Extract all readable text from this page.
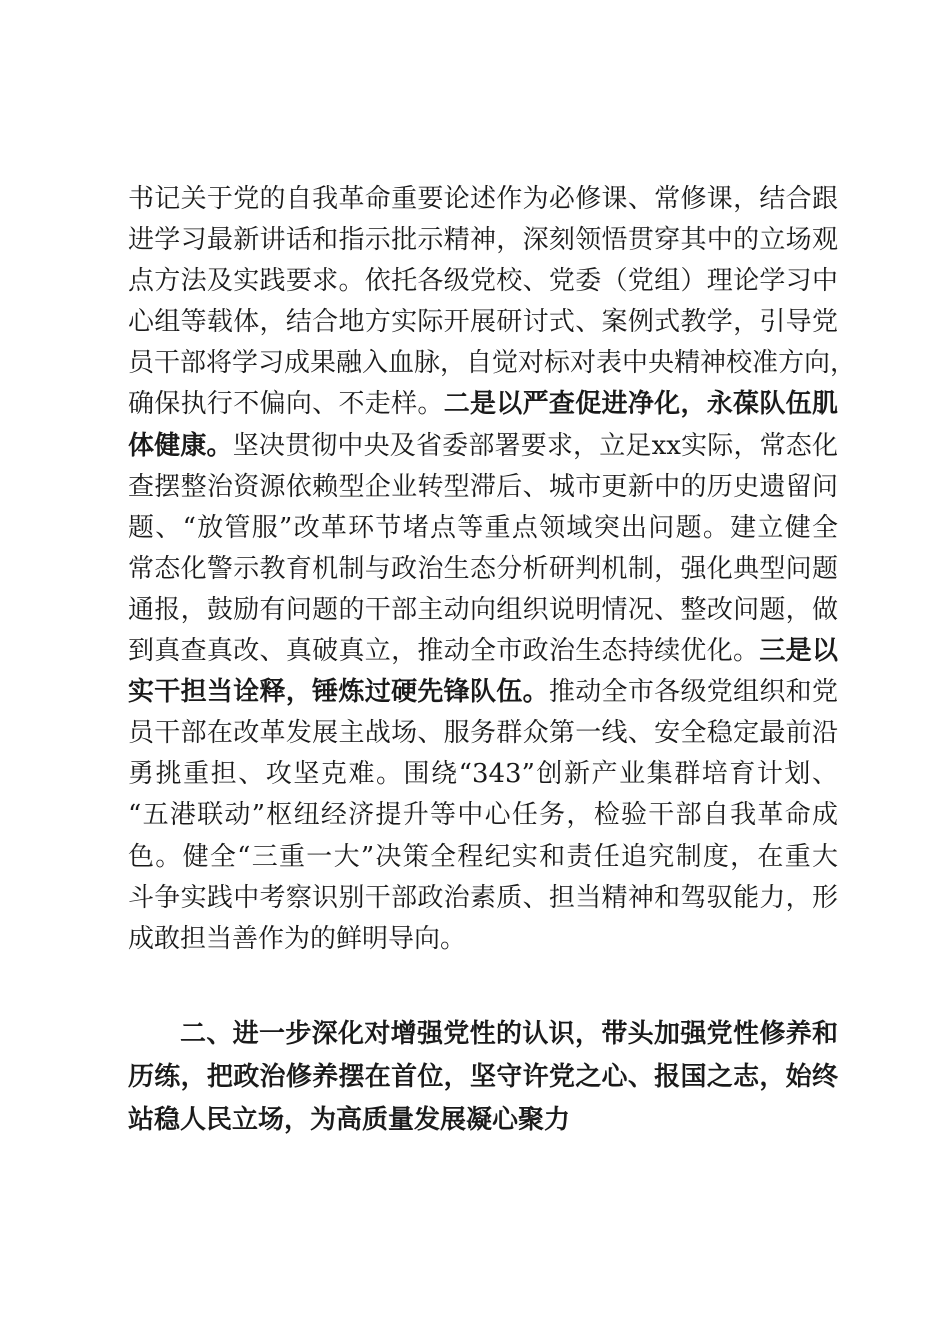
书记关于党的自我革命重要论述作为必修课、常修课，结合跟
进学习最新讲话和指示批示精神，深刻领悟贯穿其中的立场观
点方法及实践要求。依托各级党校、党委（党组）理论学习中
心组等载体，结合地方实际开展研讨式、案例式教学，引导党
员干部将学习成果融入血脉，自觉对标对表中央精神校准方向，
确保执行不偏向、不走样。二是以严查促进净化，永葆队伍肌
体健康。坚决贯彻中央及省委部署要求，立足xx实际，常态化
查摆整治资源依赖型企业转型滞后、城市更新中的历史遗留问
题、“放管服”改革环节堵点等重点领域突出问题。建立健全
常态化警示教育机制与政治生态分析研判机制，强化典型问题
通报，鼓励有问题的干部主动向组织说明情况、整改问题，做
到真查真改、真破真立，推动全市政治生态持续优化。三是以
实干担当诠释，锤炼过硬先锋队伍。推动全市各级党组织和党
员干部在改革发展主战场、服务群众第一线、安全稳定最前沿
勇挑重担、攻坚克难。围绕“343”创新产业集群培育计划、
“五港联动”枢纽经济提升等中心任务，检验干部自我革命成
色。健全“三重一大”决策全程纪实和责任追究制度，在重大
斗争实践中考察识别干部政治素质、担当精神和驾驭能力，形
成敢担当善作为的鲜明导向。
二、进一步深化对增强党性的认识，带头加强党性修养和
历练，把政治修养摆在首位，坚守许党之心、报国之志，始终
站稳人民立场，为高质量发展凝心聚力
